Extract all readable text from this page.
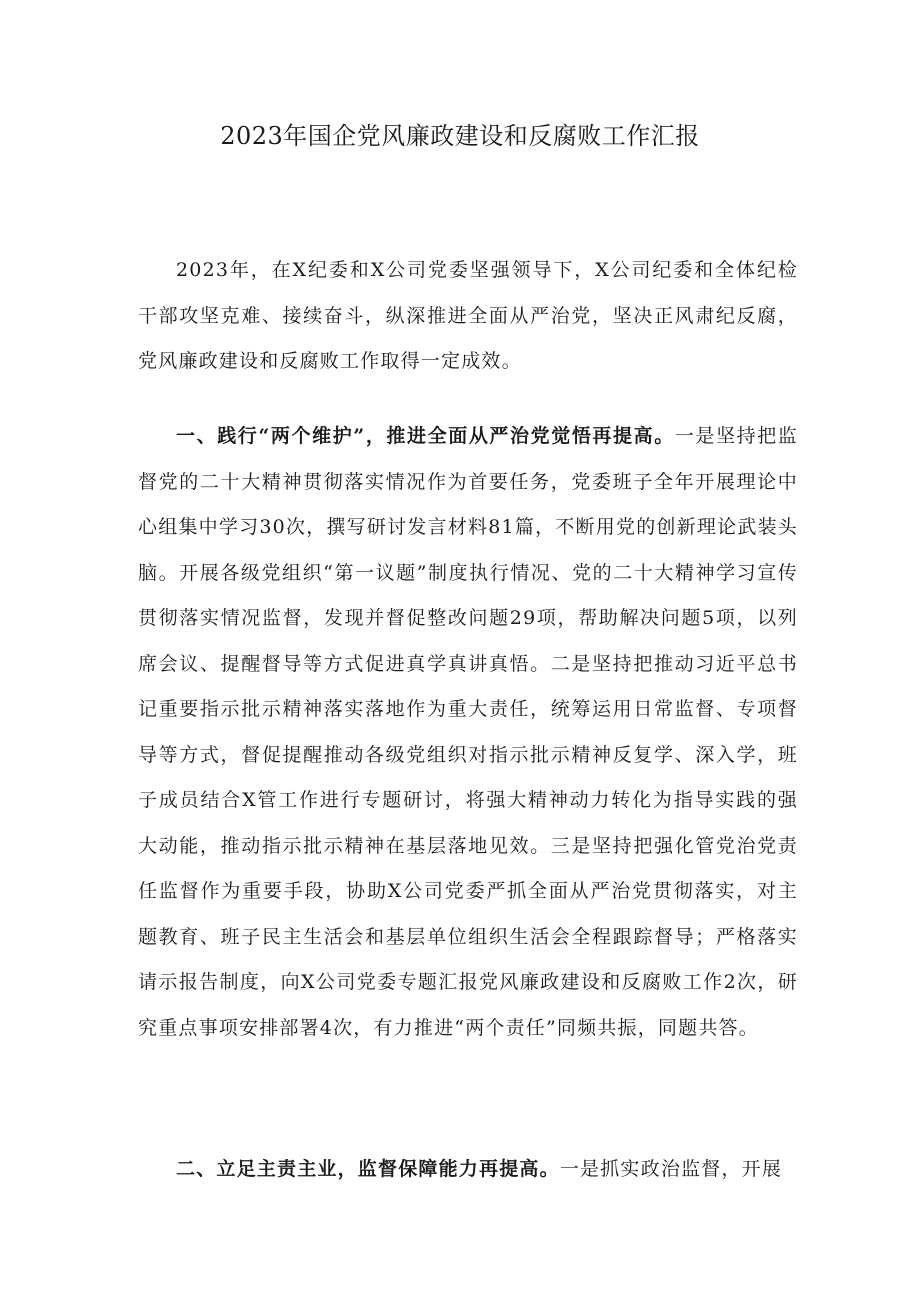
2023年国企党风廉政建设和反腐败工作汇报

2023年，在X纪委和X公司党委坚强领导下，X公司纪委和全体纪检干部攻坚克难、接续奋斗，纵深推进全面从严治党，坚决正风肃纪反腐，党风廉政建设和反腐败工作取得一定成效。

一、践行“两个维护”，推进全面从严治党觉悟再提高。一是坚持把监督党的二十大精神贯彻落实情况作为首要任务，党委班子全年开展理论中心组集中学习30次，撰写研讨发言材料81篇，不断用党的创新理论武装头脑。开展各级党组织“第一议题”制度执行情况、党的二十大精神学习宣传贯彻落实情况监督，发现并督促整改问题29项，帮助解决问题5项，以列席会议、提醒督导等方式促进真学真讲真悟。二是坚持把推动习近平总书记重要指示批示精神落实落地作为重大责任，统筹运用日常监督、专项督导等方式，督促提醒推动各级党组织对指示批示精神反复学、深入学，班子成员结合X管工作进行专题研讨，将强大精神动力转化为指导实践的强大动能，推动指示批示精神在基层落地见效。三是坚持把强化管党治党责任监督作为重要手段，协助X公司党委严抓全面从严治党贯彻落实，对主题教育、班子民主生活会和基层单位组织生活会全程跟踪督导；严格落实请示报告制度，向X公司党委专题汇报党风廉政建设和反腐败工作2次，研究重点事项安排部署4次，有力推进“两个责任”同频共振，同题共答。

二、立足主责主业，监督保障能力再提高。一是抓实政治监督，开展
